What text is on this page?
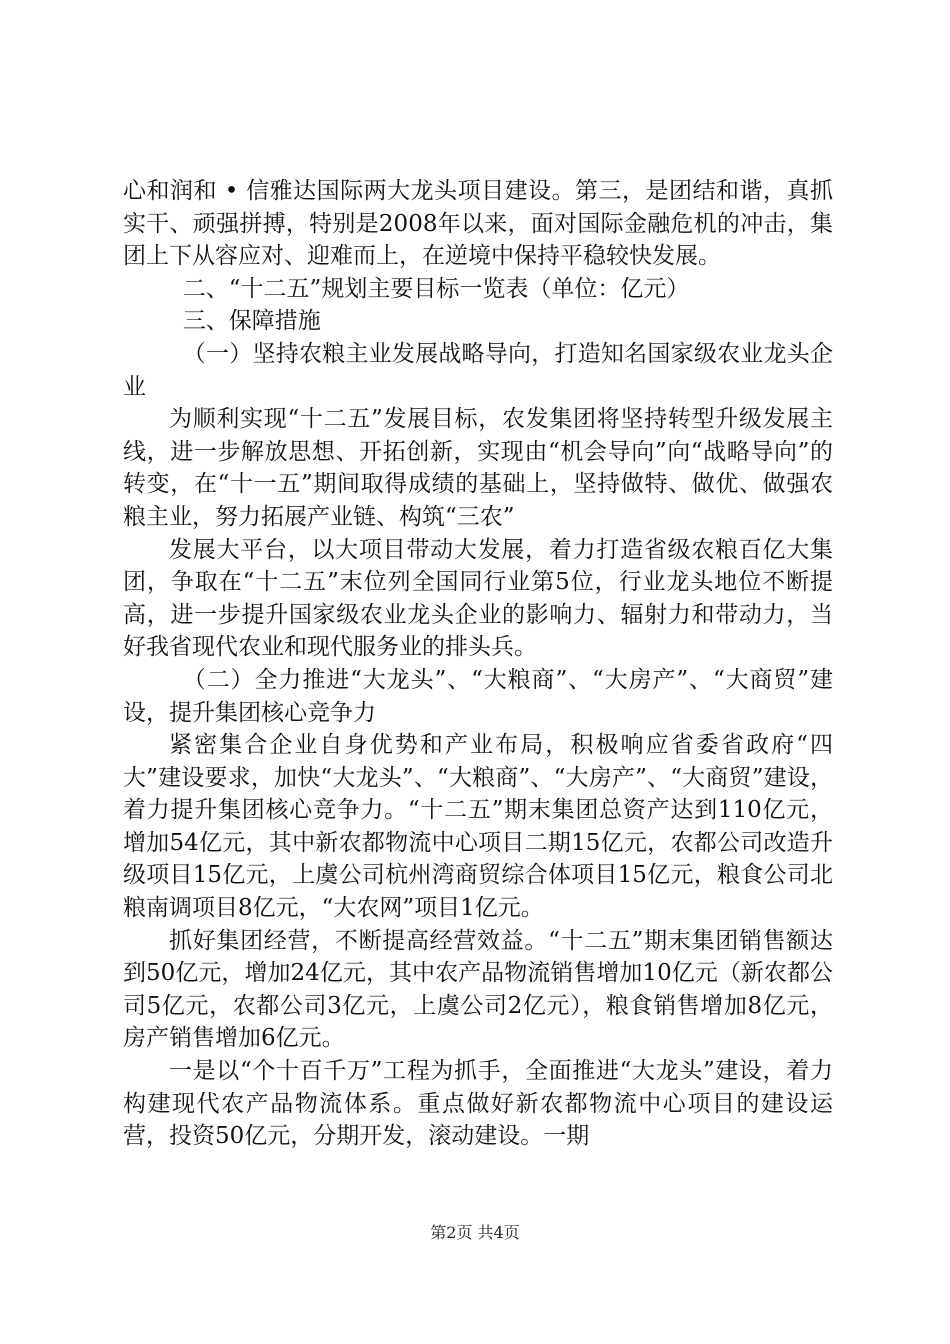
心和润和 • 信雅达国际两大龙头项目建设。第三，是团结和谐，真抓实干、顽强拼搏，特别是2008年以来，面对国际金融危机的冲击，集团上下从容应对、迎难而上，在逆境中保持平稳较快发展。

二、“十二五”规划主要目标一览表（单位：亿元）

三、保障措施

（一）坚持农粮主业发展战略导向，打造知名国家级农业龙头企业

为顺利实现“十二五”发展目标，农发集团将坚持转型升级发展主线，进一步解放思想、开拓创新，实现由“机会导向”向“战略导向”的转变，在“十一五”期间取得成绩的基础上，坚持做特、做优、做强农粮主业，努力拓展产业链、构筑“三农”

发展大平台，以大项目带动大发展，着力打造省级农粮百亿大集团，争取在“十二五”末位列全国同行业第5位，行业龙头地位不断提高，进一步提升国家级农业龙头企业的影响力、辐射力和带动力，当好我省现代农业和现代服务业的排头兵。

（二）全力推进“大龙头”、“大粮商”、“大房产”、“大商贸”建设，提升集团核心竞争力

紧密集合企业自身优势和产业布局，积极响应省委省政府“四大”建设要求，加快“大龙头”、“大粮商”、“大房产”、“大商贸”建设，着力提升集团核心竞争力。“十二五”期末集团总资产达到110亿元，增加54亿元，其中新农都物流中心项目二期15亿元，农都公司改造升级项目15亿元，上虞公司杭州湾商贸综合体项目15亿元，粮食公司北粮南调项目8亿元，“大农网”项目1亿元。

抓好集团经营，不断提高经营效益。“十二五”期末集团销售额达到50亿元，增加24亿元，其中农产品物流销售增加10亿元（新农都公司5亿元，农都公司3亿元，上虞公司2亿元），粮食销售增加8亿元，房产销售增加6亿元。

一是以“个十百千万”工程为抓手，全面推进“大龙头”建设，着力构建现代农产品物流体系。重点做好新农都物流中心项目的建设运营，投资50亿元，分期开发，滚动建设。一期

第2页 共4页
